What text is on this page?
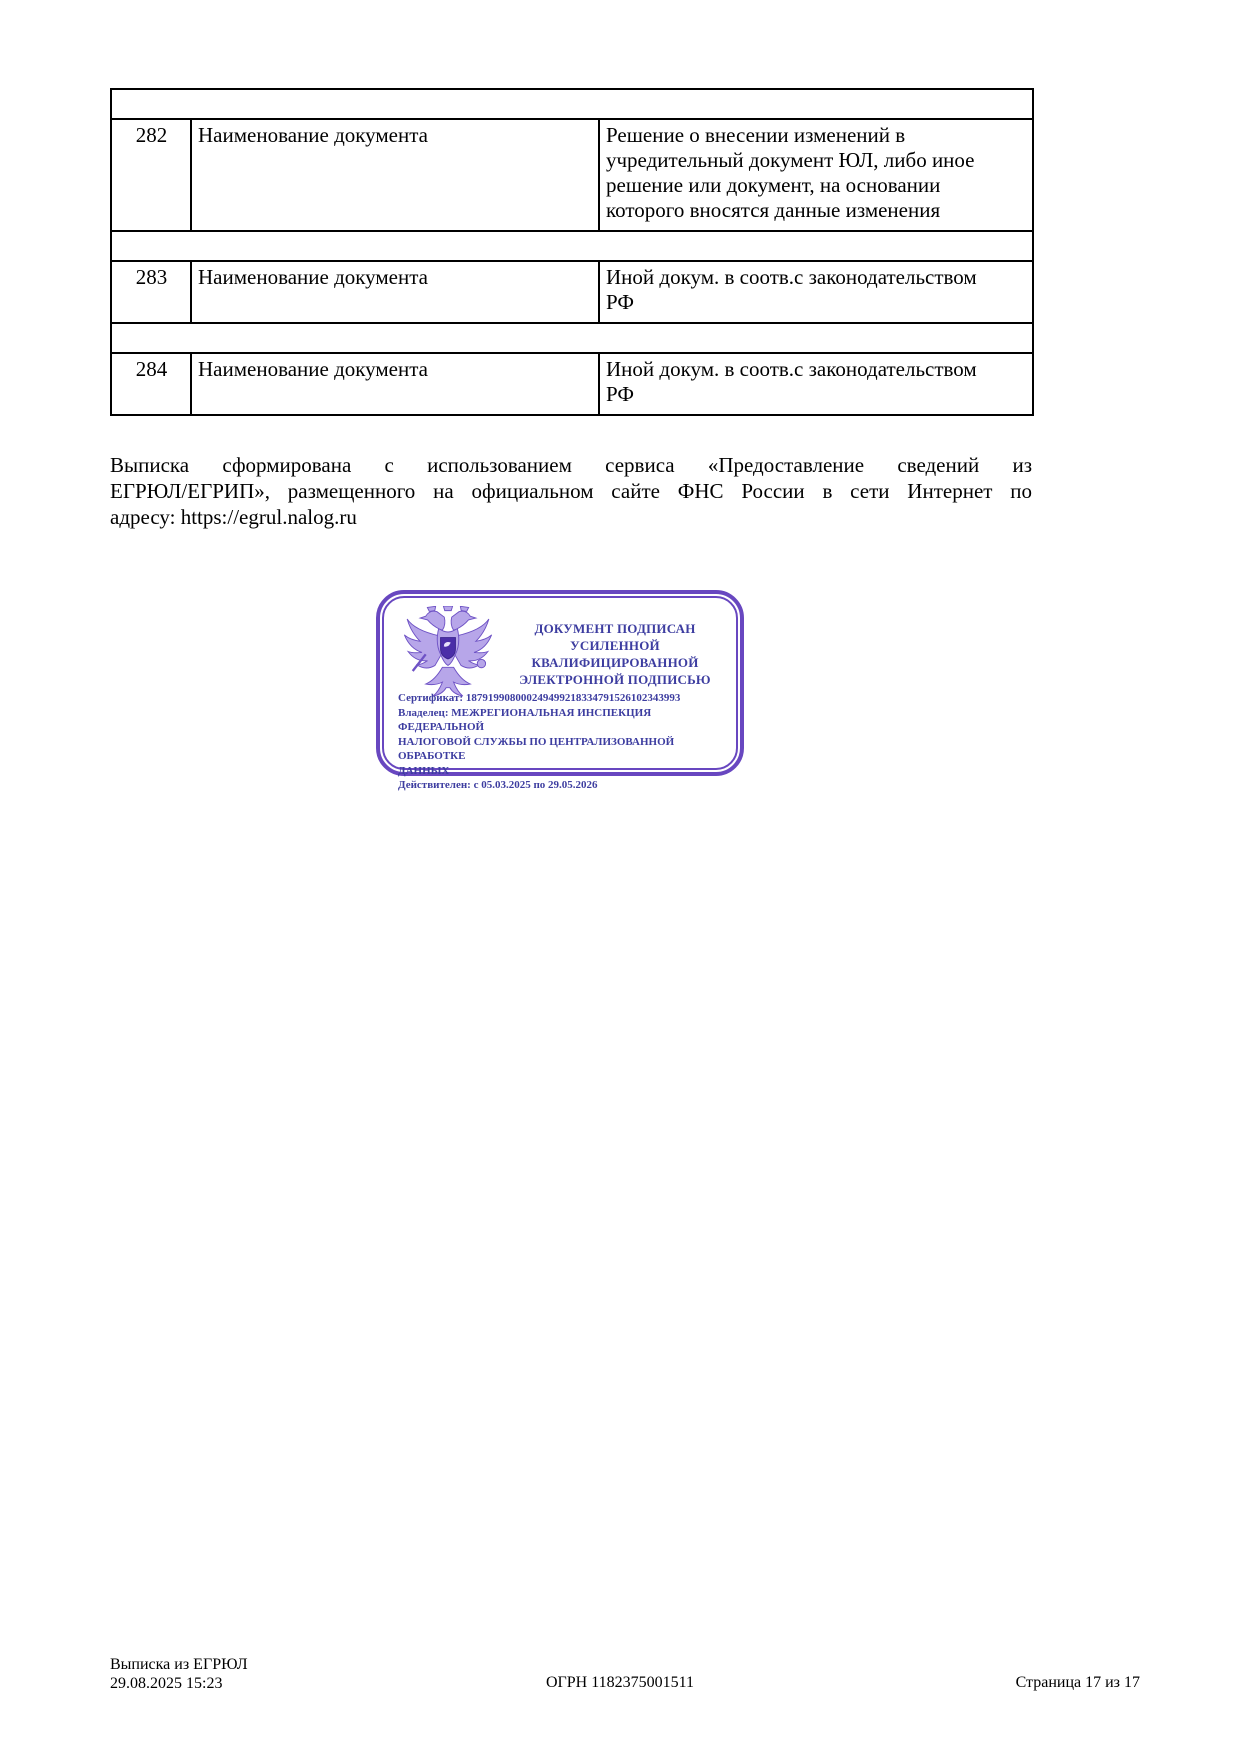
282	Наименование документа	Решение о внесении изменений в
учредительный документ ЮЛ, либо иное
решение или документ, на основании
которого вносятся данные изменения

283	Наименование документа	Иной докум. в соотв.с законодательством
РФ

284	Наименование документа	Иной докум. в соотв.с законодательством
РФ
Выписка сформирована с использованием сервиса «Предоставление сведений из
ЕГРЮЛ/ЕГРИП», размещенного на официальном сайте ФНС России в сети Интернет по
адресу: https://egrul.nalog.ru
ДОКУМЕНТ ПОДПИСАН
УСИЛЕННОЙ КВАЛИФИЦИРОВАННОЙ
ЭЛЕКТРОННОЙ ПОДПИСЬЮ
Сертификат: 187919908000249499218334791526102343993
Владелец: МЕЖРЕГИОНАЛЬНАЯ ИНСПЕКЦИЯ ФЕДЕРАЛЬНОЙ
НАЛОГОВОЙ СЛУЖБЫ ПО ЦЕНТРАЛИЗОВАННОЙ ОБРАБОТКЕ
ДАННЫХ
Действителен: с 05.03.2025 по 29.05.2026
Выписка из ЕГРЮЛ
29.08.2025 15:23	ОГРН 1182375001511	Страница 17 из 17
